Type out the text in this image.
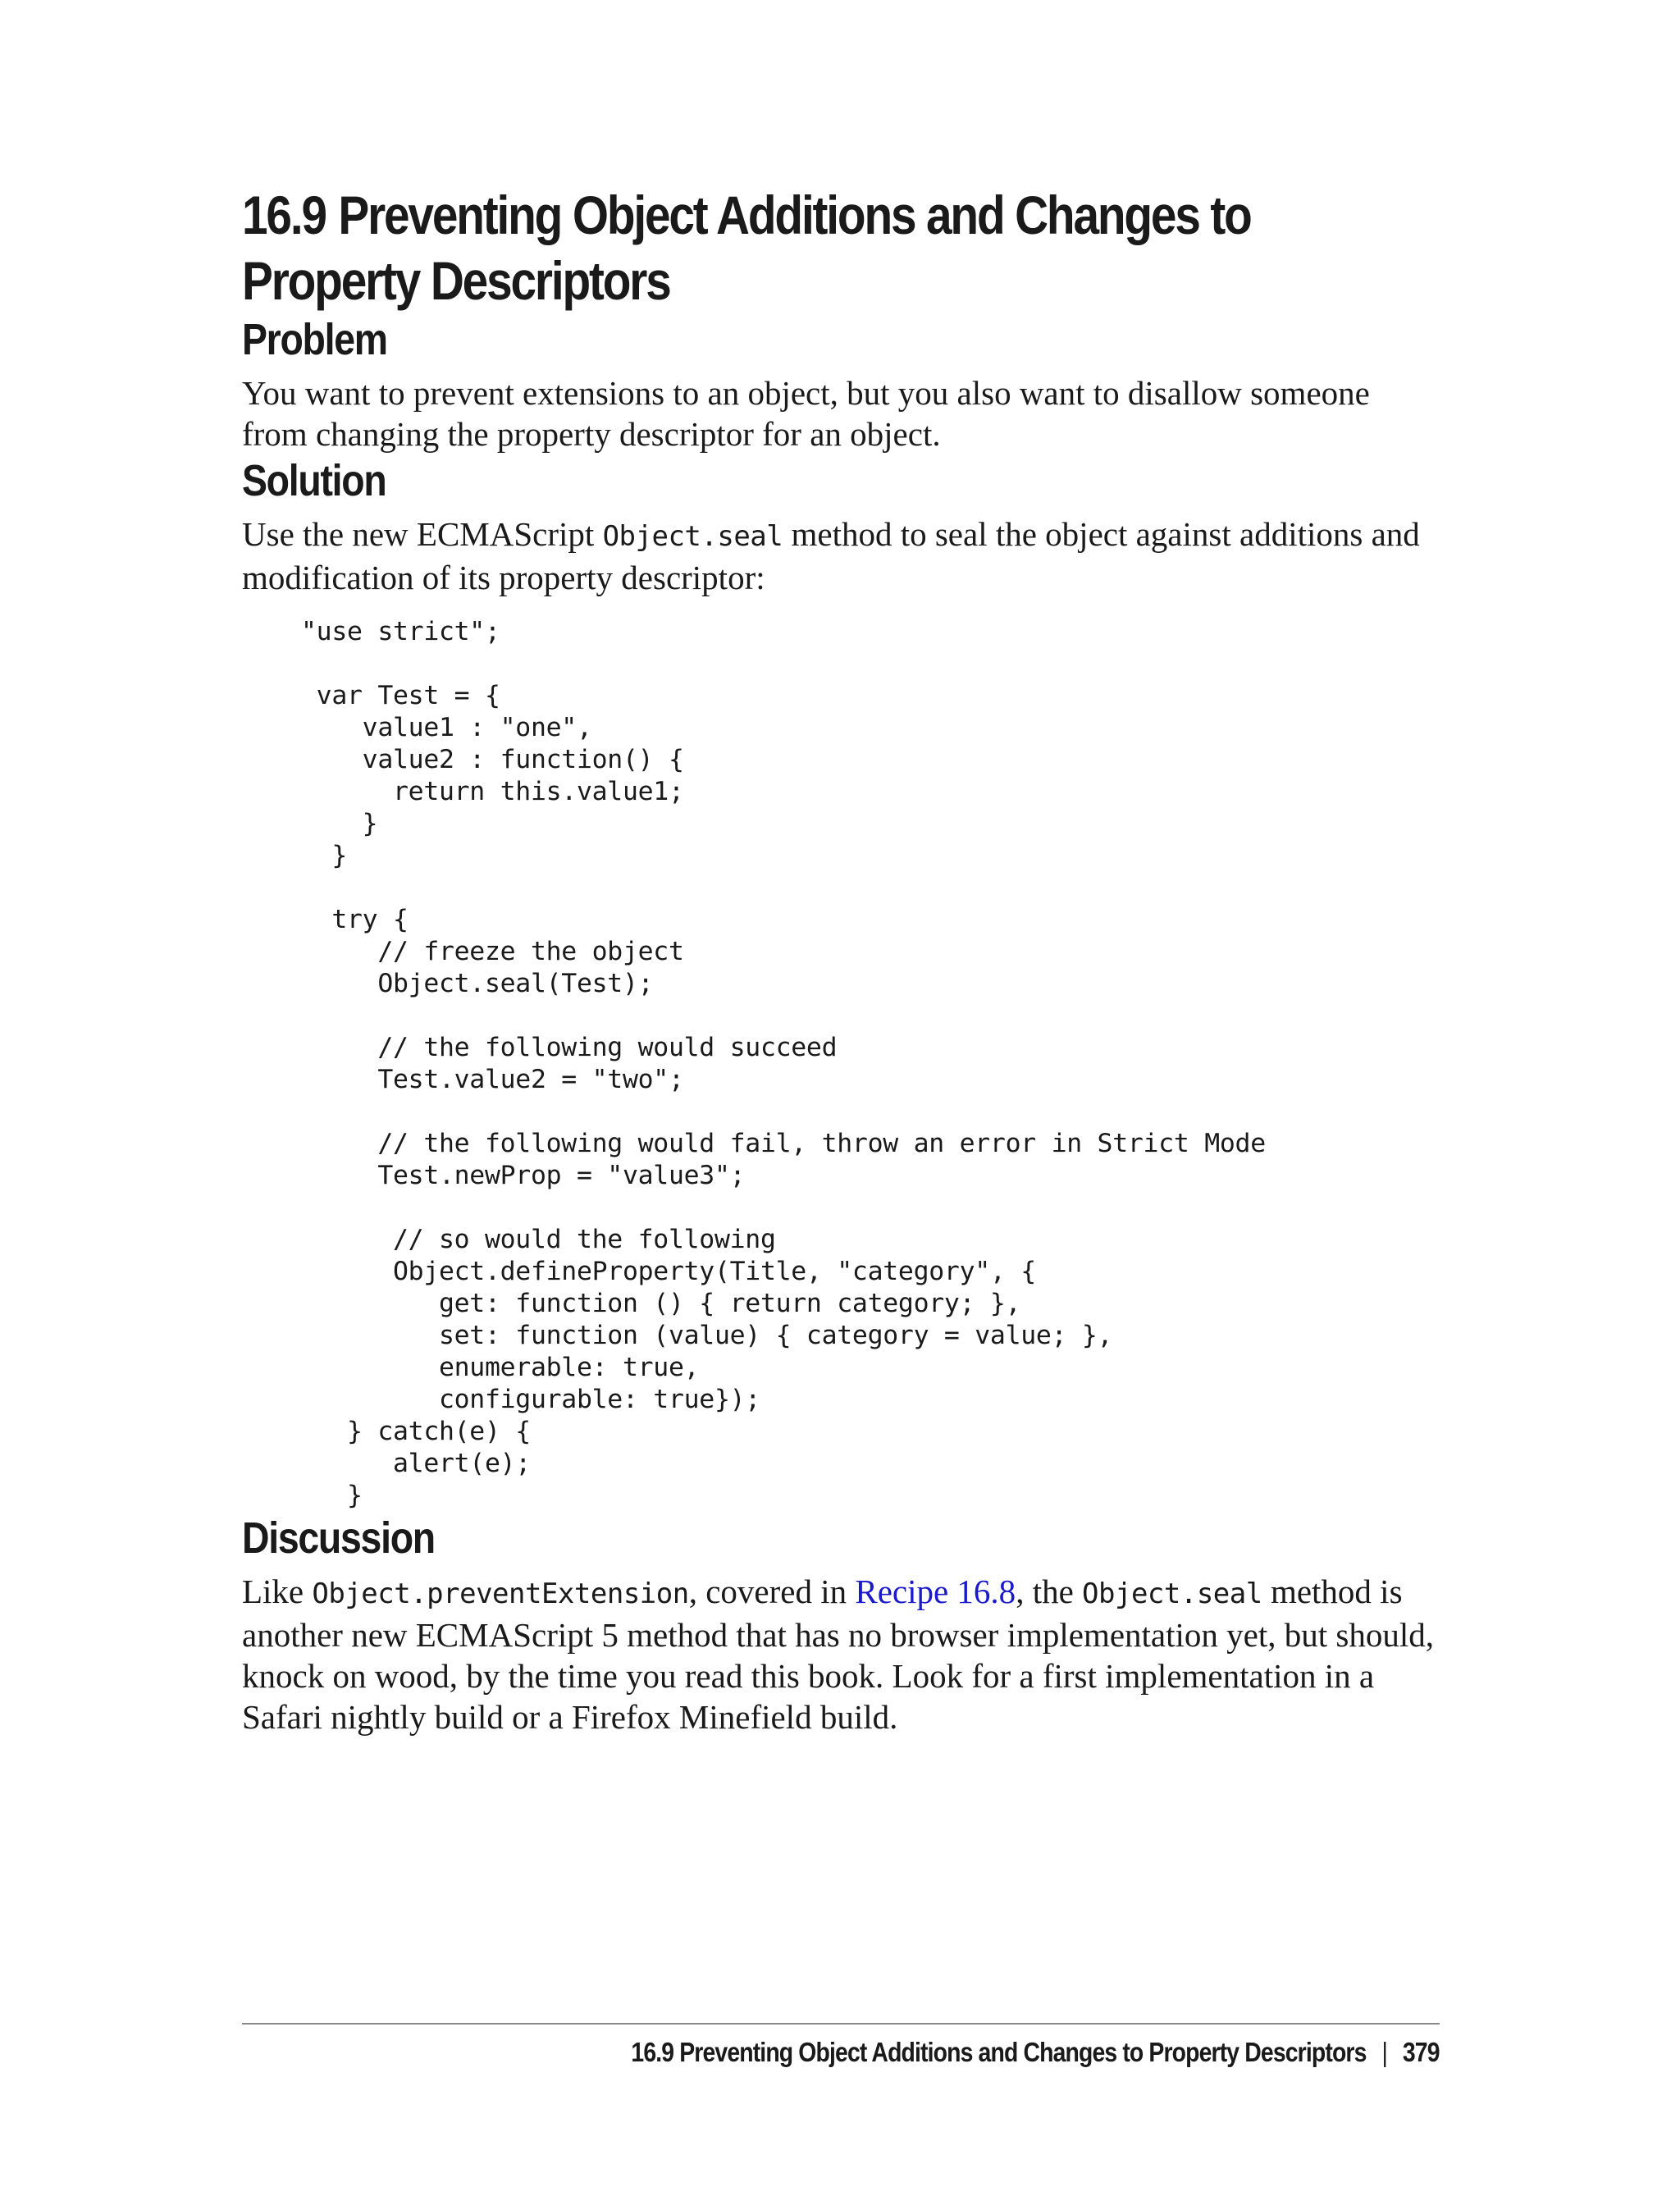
16.9 Preventing Object Additions and Changes to Property Descriptors
Problem

You want to prevent extensions to an object, but you also want to disallow someone from changing the property descriptor for an object.

Solution

Use the new ECMAScript Object.seal method to seal the object against additions and modification of its property descriptor:

"use strict";

var Test = {
value1 : "one",
value2 : function() {
return this.value1;
}
}

try {
// freeze the object
Object.seal(Test);

// the following would succeed
Test.value2 = "two";

// the following would fail, throw an error in Strict Mode
Test.newProp = "value3";

// so would the following
Object.defineProperty(Title, "category", {
get: function () { return category; },
set: function (value) { category = value; },
enumerable: true,
configurable: true});
} catch(e) {
alert(e);
}
Discussion

Like Object.preventExtension, covered in Recipe 16.8, the Object.seal method is another new ECMAScript 5 method that has no browser implementation yet, but should, knock on wood, by the time you read this book. Look for a first implementation in a Safari nightly build or a Firefox Minefield build.

16.9 Preventing Object Additions and Changes to Property Descriptors | 379
